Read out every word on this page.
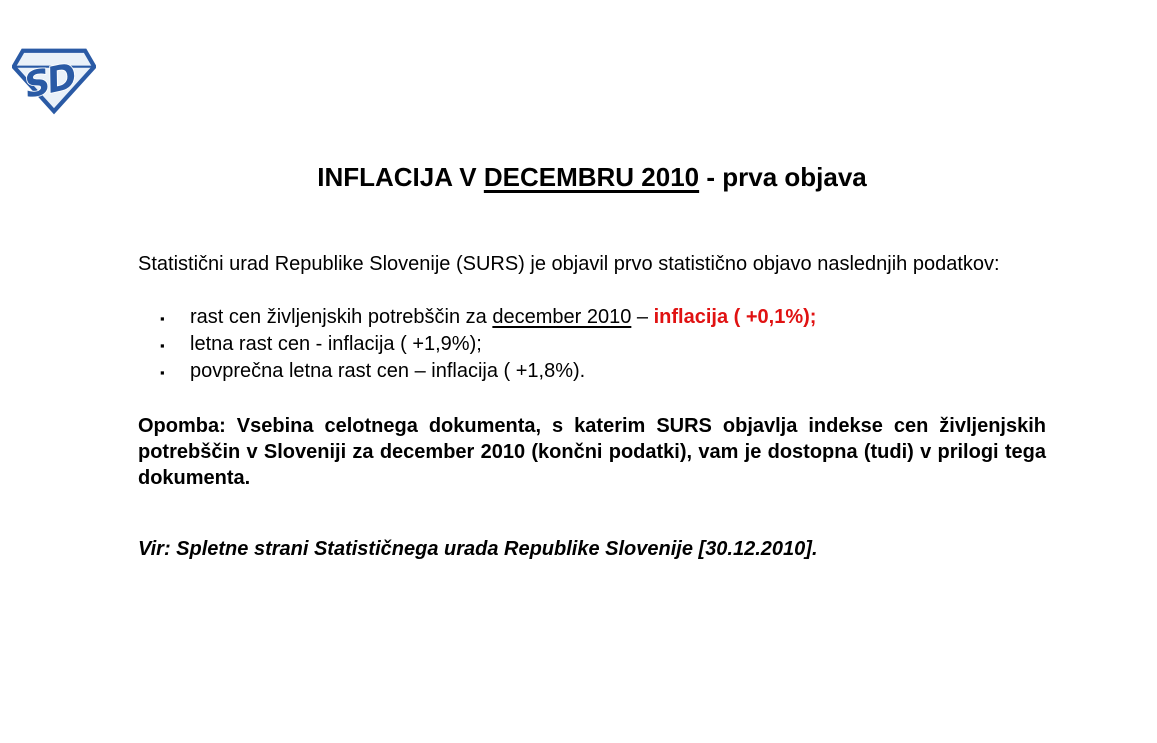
SD
INFLACIJA V DECEMBRU 2010 - prva objava

Statistični urad Republike Slovenije (SURS) je objavil prvo statistično objavo naslednjih podatkov:

▪ rast cen življenjskih potrebščin za december 2010 – inflacija ( +0,1%);
▪ letna rast cen - inflacija ( +1,9%);
▪ povprečna letna rast cen – inflacija ( +1,8%).

Opomba: Vsebina celotnega dokumenta, s katerim SURS objavlja indekse cen življenjskih potrebščin v Sloveniji za december 2010 (končni podatki), vam je dostopna (tudi) v prilogi tega dokumenta.

Vir: Spletne strani Statističnega urada Republike Slovenije [30.12.2010].
